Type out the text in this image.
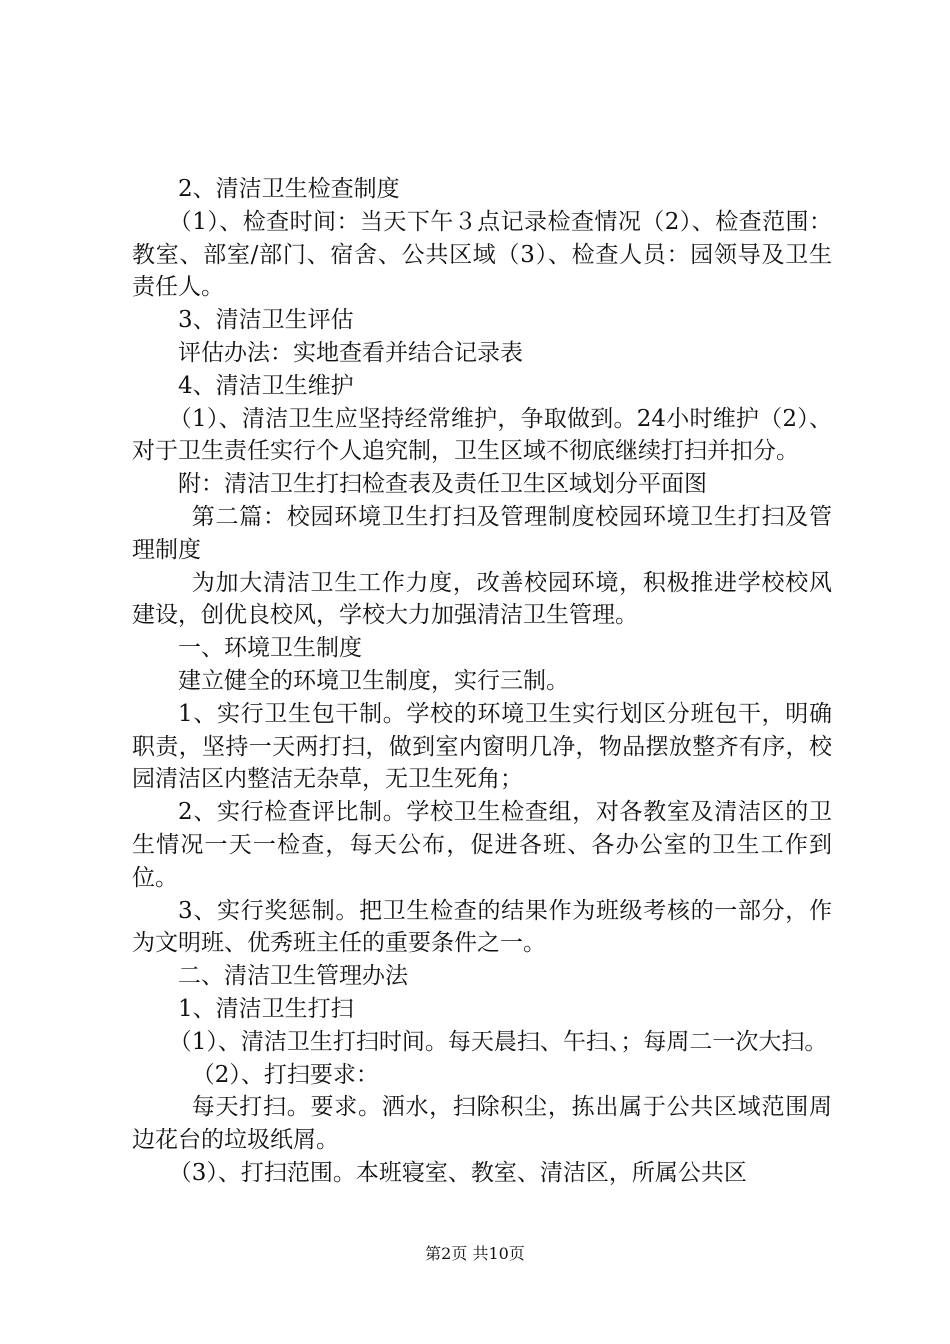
2、清洁卫生检查制度

（1）、检查时间：当天下午３点记录检查情况（2）、检查范围：教室、部室/部门、宿舍、公共区域（3）、检查人员：园领导及卫生责任人。

3、清洁卫生评估

评估办法：实地查看并结合记录表

4、清洁卫生维护

（1）、清洁卫生应坚持经常维护，争取做到。24小时维护（2）、对于卫生责任实行个人追究制，卫生区域不彻底继续打扫并扣分。

附：清洁卫生打扫检查表及责任卫生区域划分平面图

第二篇：校园环境卫生打扫及管理制度校园环境卫生打扫及管理制度

为加大清洁卫生工作力度，改善校园环境，积极推进学校校风建设，创优良校风，学校大力加强清洁卫生管理。

一、环境卫生制度

建立健全的环境卫生制度，实行三制。

1、实行卫生包干制。学校的环境卫生实行划区分班包干，明确职责，坚持一天两打扫，做到室内窗明几净，物品摆放整齐有序，校园清洁区内整洁无杂草，无卫生死角；

2、实行检查评比制。学校卫生检查组，对各教室及清洁区的卫生情况一天一检查，每天公布，促进各班、各办公室的卫生工作到位。

3、实行奖惩制。把卫生检查的结果作为班级考核的一部分，作为文明班、优秀班主任的重要条件之一。

二、清洁卫生管理办法

1、清洁卫生打扫

（1）、清洁卫生打扫时间。每天晨扫、午扫、；每周二一次大扫。

（2）、打扫要求：

每天打扫。要求。洒水，扫除积尘，拣出属于公共区域范围周边花台的垃圾纸屑。

（3）、打扫范围。本班寝室、教室、清洁区，所属公共区

第2页 共10页
